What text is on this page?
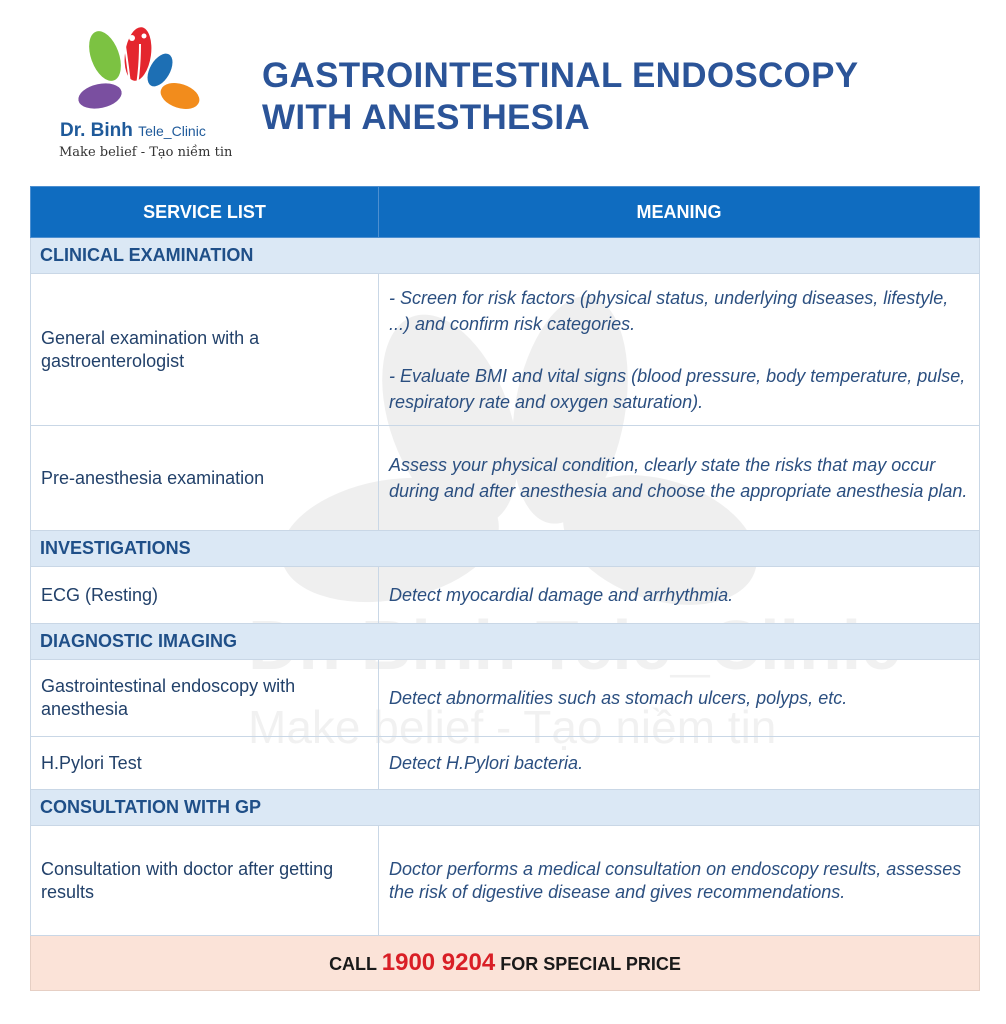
Dr. Binh Tele_Clinic
Make belief - Tạo niềm tin
GASTROINTESTINAL ENDOSCOPY
WITH ANESTHESIA
Make belief - Tạo niềm tin
SERVICE LIST	MEANING
CLINICAL EXAMINATION	
General examination with a gastroenterologist	- Screen for risk factors (physical status, underlying diseases, lifestyle, ...) and confirm risk categories.

- Evaluate BMI and vital signs (blood pressure, body temperature, pulse, respiratory rate and oxygen saturation).

Pre-anesthesia examination	Assess your physical condition, clearly state the risks that may occur during and after anesthesia and choose the appropriate anesthesia plan.

INVESTIGATIONS	
ECG (Resting)	Detect myocardial damage and arrhythmia.

DIAGNOSTIC IMAGING	
Gastrointestinal endoscopy with anesthesia	Detect abnormalities such as stomach ulcers, polyps, etc.

H.Pylori Test	Detect H.Pylori bacteria.

CONSULTATION WITH GP	
Consultation with doctor after getting results	Doctor performs a medical consultation on endoscopy results, assesses the risk of digestive disease and gives recommendations.

CALL 1900 9204 FOR SPECIAL PRICE	
